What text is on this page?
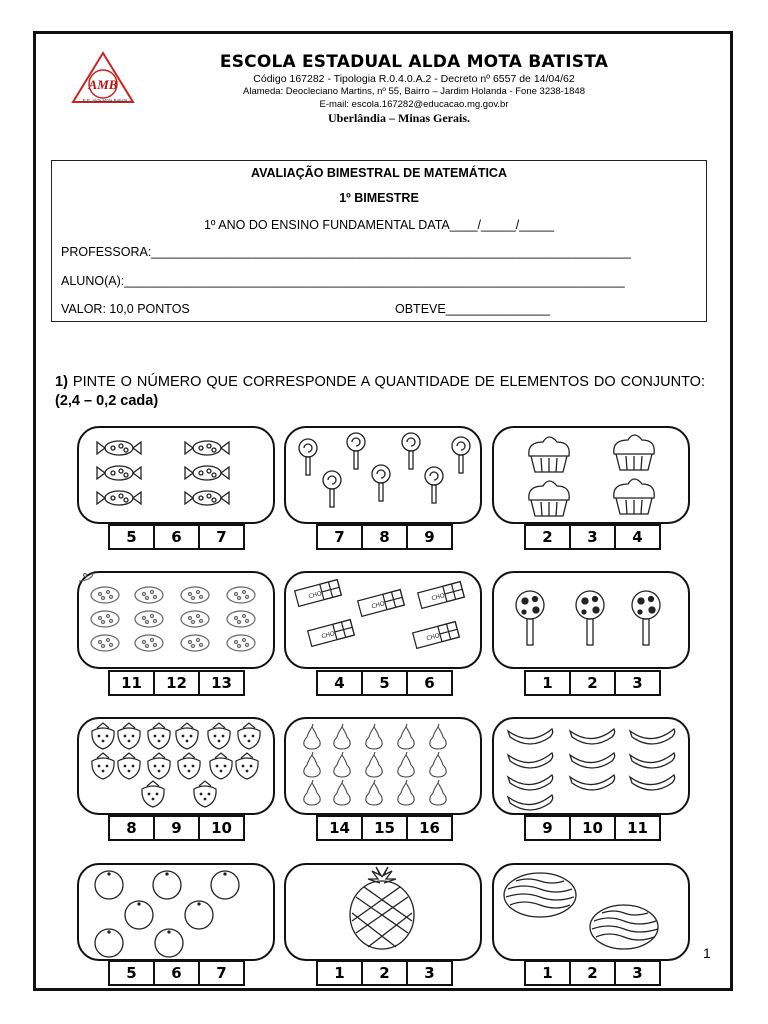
AMB
E.E. Alda Mota Batista
ESCOLA ESTADUAL ALDA MOTA BATISTA
Código 167282 - Tipologia R.0.4.0.A.2 - Decreto nº 6557 de 14/04/62
Alameda: Deocleciano Martins, nº 55, Bairro – Jardim Holanda - Fone 3238-1848
E-mail: escola.167282@educacao.mg.gov.br
Uberlândia – Minas Gerais.
AVALIAÇÃO BIMESTRAL DE MATEMÁTICA
1º BIMESTRE
1º ANO DO ENSINO FUNDAMENTAL DATA____/_____/_____
PROFESSORA:_____________________________________________________________________
ALUNO(A):________________________________________________________________________
VALOR: 10,0 PONTOS	OBTEVE_______________
1) PINTE O NÚMERO QUE CORRESPONDE A QUANTIDADE DE ELEMENTOS DO CONJUNTO: (2,4 – 0,2 cada)
5	6	7	7	8	9	2	3	4
11	12	13
CHO
CHO
CHO
CHO	CHO
4	5	6	1	2	3
8	9	10	14	15	16	9	10	11
5	6	7	1	2	3	1	2	3
1
